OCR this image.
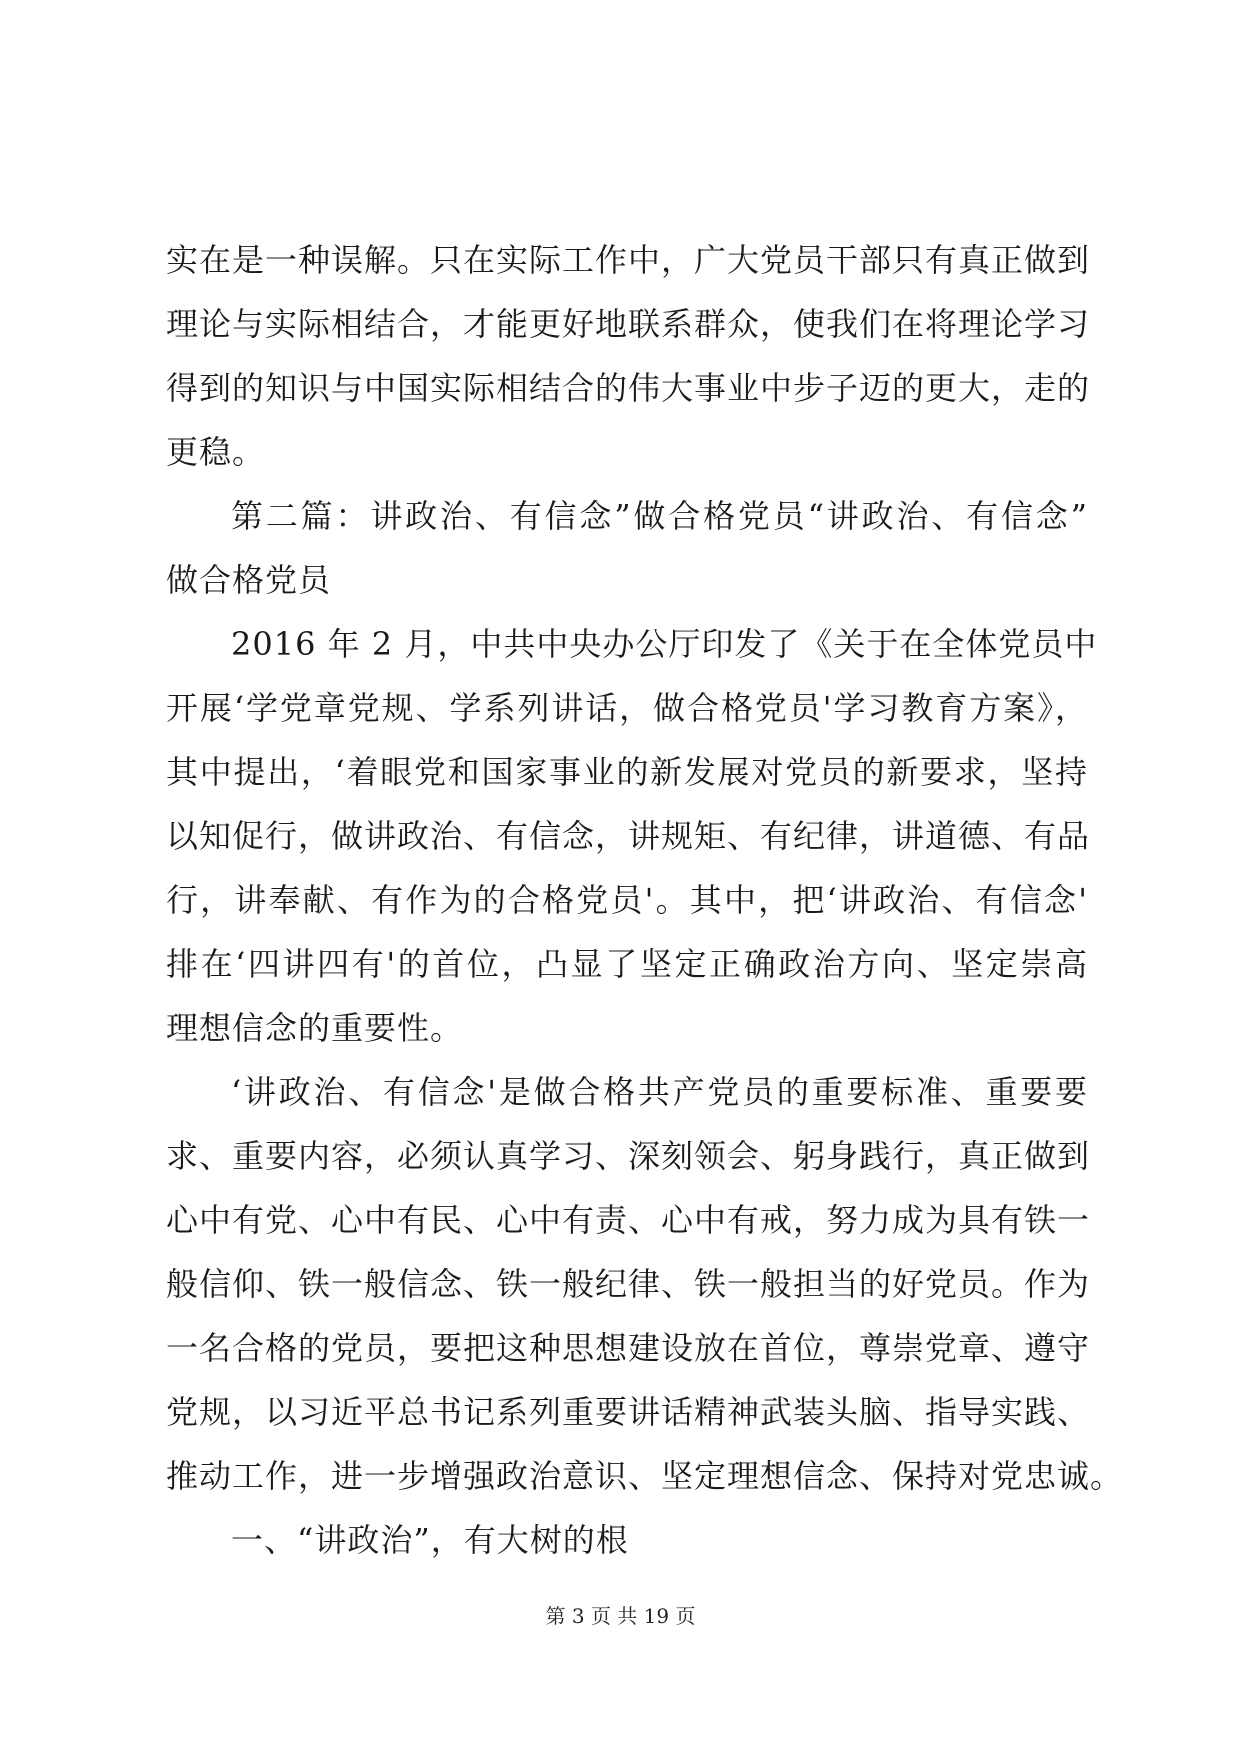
实在是一种误解。只在实际工作中，广大党员干部只有真正做到
理论与实际相结合，才能更好地联系群众，使我们在将理论学习
得到的知识与中国实际相结合的伟大事业中步子迈的更大，走的
更稳。
第二篇：讲政治、有信念”做合格党员“讲政治、有信念”
做合格党员
2016 年 2 月，中共中央办公厅印发了《关于在全体党员中
开展‘学党章党规、学系列讲话，做合格党员'学习教育方案》，
其中提出，‘着眼党和国家事业的新发展对党员的新要求，坚持
以知促行，做讲政治、有信念，讲规矩、有纪律，讲道德、有品
行，讲奉献、有作为的合格党员'。其中，把‘讲政治、有信念'
排在‘四讲四有'的首位，凸显了坚定正确政治方向、坚定崇高
理想信念的重要性。
‘讲政治、有信念'是做合格共产党员的重要标准、重要要
求、重要内容，必须认真学习、深刻领会、躬身践行，真正做到
心中有党、心中有民、心中有责、心中有戒，努力成为具有铁一
般信仰、铁一般信念、铁一般纪律、铁一般担当的好党员。作为
一名合格的党员，要把这种思想建设放在首位，尊崇党章、遵守
党规，以习近平总书记系列重要讲话精神武装头脑、指导实践、
推动工作，进一步增强政治意识、坚定理想信念、保持对党忠诚。
一、“讲政治”，有大树的根
第 3 页 共 19 页
